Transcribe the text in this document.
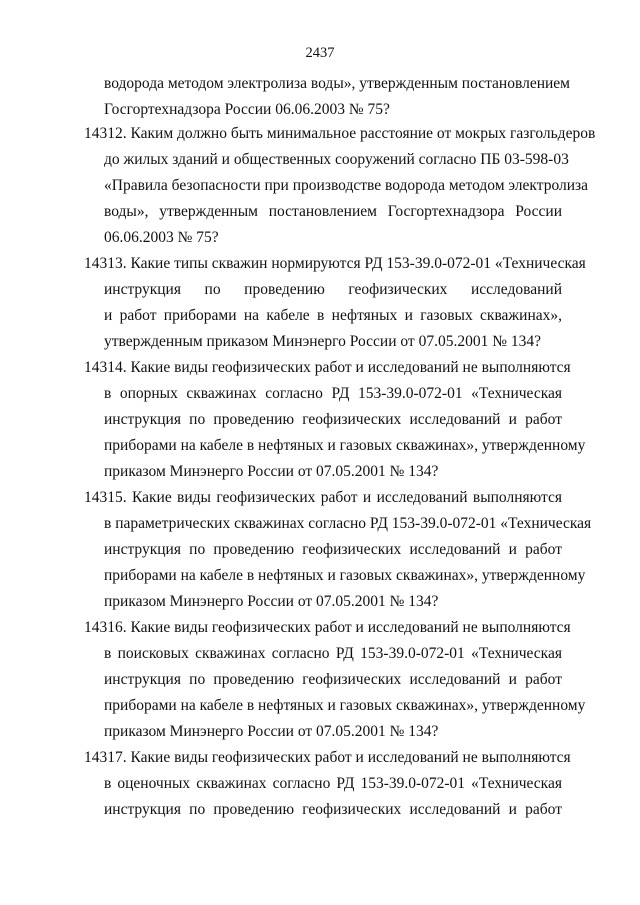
2437
водорода методом электролиза воды», утвержденным постановлением
Госгортехнадзора России 06.06.2003 № 75?
14312. Каким должно быть минимальное расстояние от мокрых газгольдеров
до жилых зданий и общественных сооружений согласно ПБ 03-598-03
«Правила безопасности при производстве водорода методом электролиза
воды», утвержденным постановлением Госгортехнадзора России
06.06.2003 № 75?
14313. Какие типы скважин нормируются РД 153-39.0-072-01 «Техническая
инструкция по проведению геофизических исследований
и работ приборами на кабеле в нефтяных и газовых скважинах»,
утвержденным приказом Минэнерго России от 07.05.2001 № 134?
14314. Какие виды геофизических работ и исследований не выполняются
в опорных скважинах согласно РД 153-39.0-072-01 «Техническая
инструкция по проведению геофизических исследований и работ
приборами на кабеле в нефтяных и газовых скважинах», утвержденному
приказом Минэнерго России от 07.05.2001 № 134?
14315. Какие виды геофизических работ и исследований выполняются
в параметрических скважинах согласно РД 153-39.0-072-01 «Техническая
инструкция по проведению геофизических исследований и работ
приборами на кабеле в нефтяных и газовых скважинах», утвержденному
приказом Минэнерго России от 07.05.2001 № 134?
14316. Какие виды геофизических работ и исследований не выполняются
в поисковых скважинах согласно РД 153-39.0-072-01 «Техническая
инструкция по проведению геофизических исследований и работ
приборами на кабеле в нефтяных и газовых скважинах», утвержденному
приказом Минэнерго России от 07.05.2001 № 134?
14317. Какие виды геофизических работ и исследований не выполняются
в оценочных скважинах согласно РД 153-39.0-072-01 «Техническая
инструкция по проведению геофизических исследований и работ
